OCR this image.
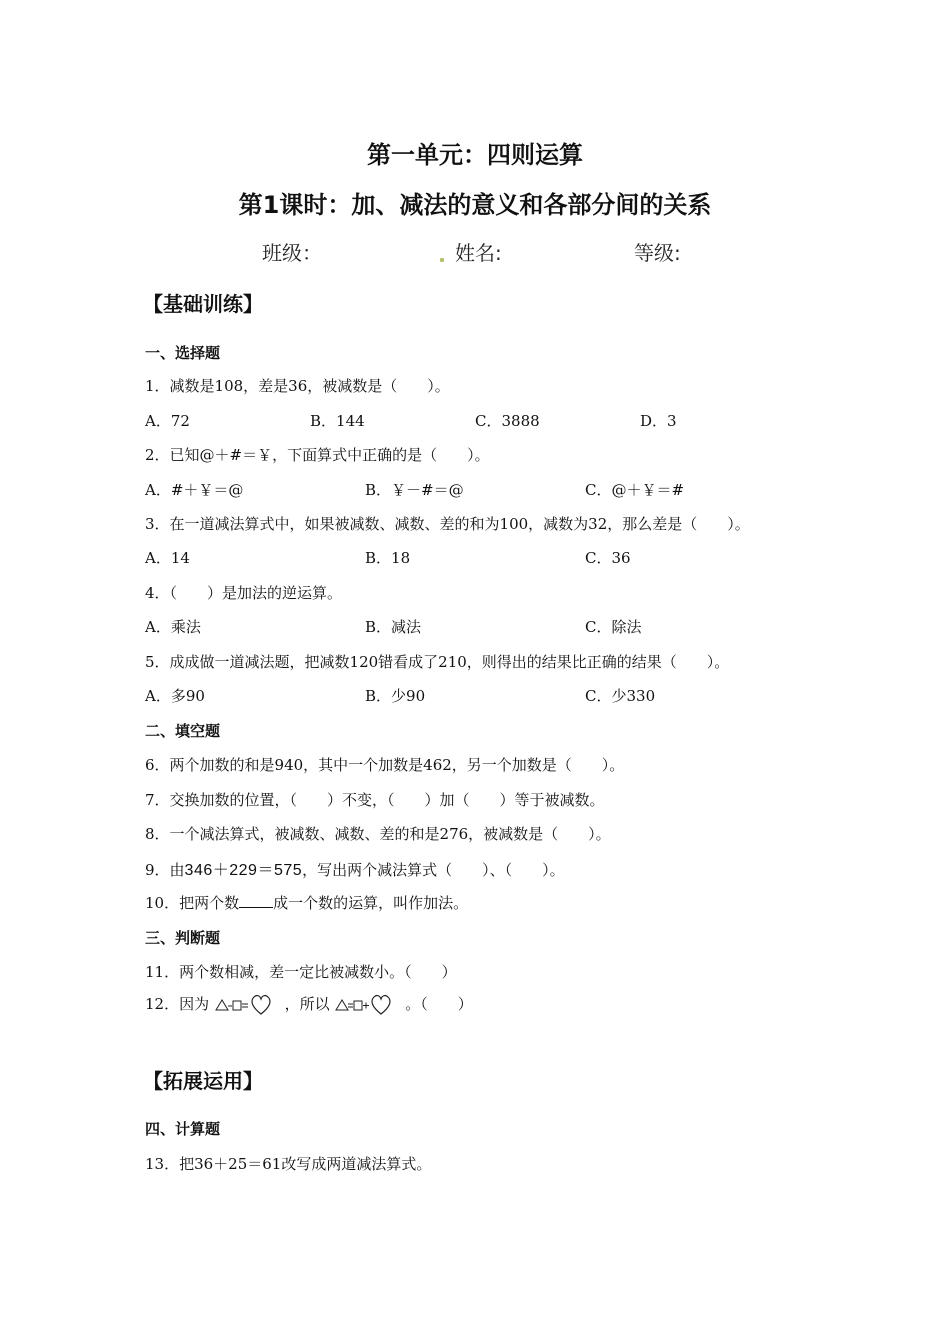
第一单元：四则运算
第1课时：加、减法的意义和各部分间的关系
班级：	姓名:	等级:
【基础训练】
一、选择题
1．减数是108，差是36，被减数是（　　）。
A．72	B．144	C．3888	D．3
2．已知@＋#＝￥，下面算式中正确的是（　　）。
A．#＋￥＝@	B．￥－#＝@	C．@＋￥＝#
3．在一道减法算式中，如果被减数、减数、差的和为100，减数为32，那么差是（　　）。
A．14	B．18	C．36
4．（　　）是加法的逆运算。
A．乘法	B．减法	C．除法
5．成成做一道减法题，把减数120错看成了210，则得出的结果比正确的结果（　　）。
A．多90	B．少90	C．少330
二、填空题
6．两个加数的和是940，其中一个加数是462，另一个加数是（　　）。
7．交换加数的位置，（　　）不变，（　　）加（　　）等于被减数。
8．一个减法算式，被减数、减数、差的和是276，被减数是（　　）。
9．由346＋229＝575，写出两个减法算式（　　）、（　　）。
10．把两个数 成一个数的运算，叫作加法。
三、判断题
11．两个数相减，差一定比被减数小。（　　）
12．因为	，所以	。（　　）
【拓展运用】
四、计算题
13．把36＋25＝61改写成两道减法算式。
